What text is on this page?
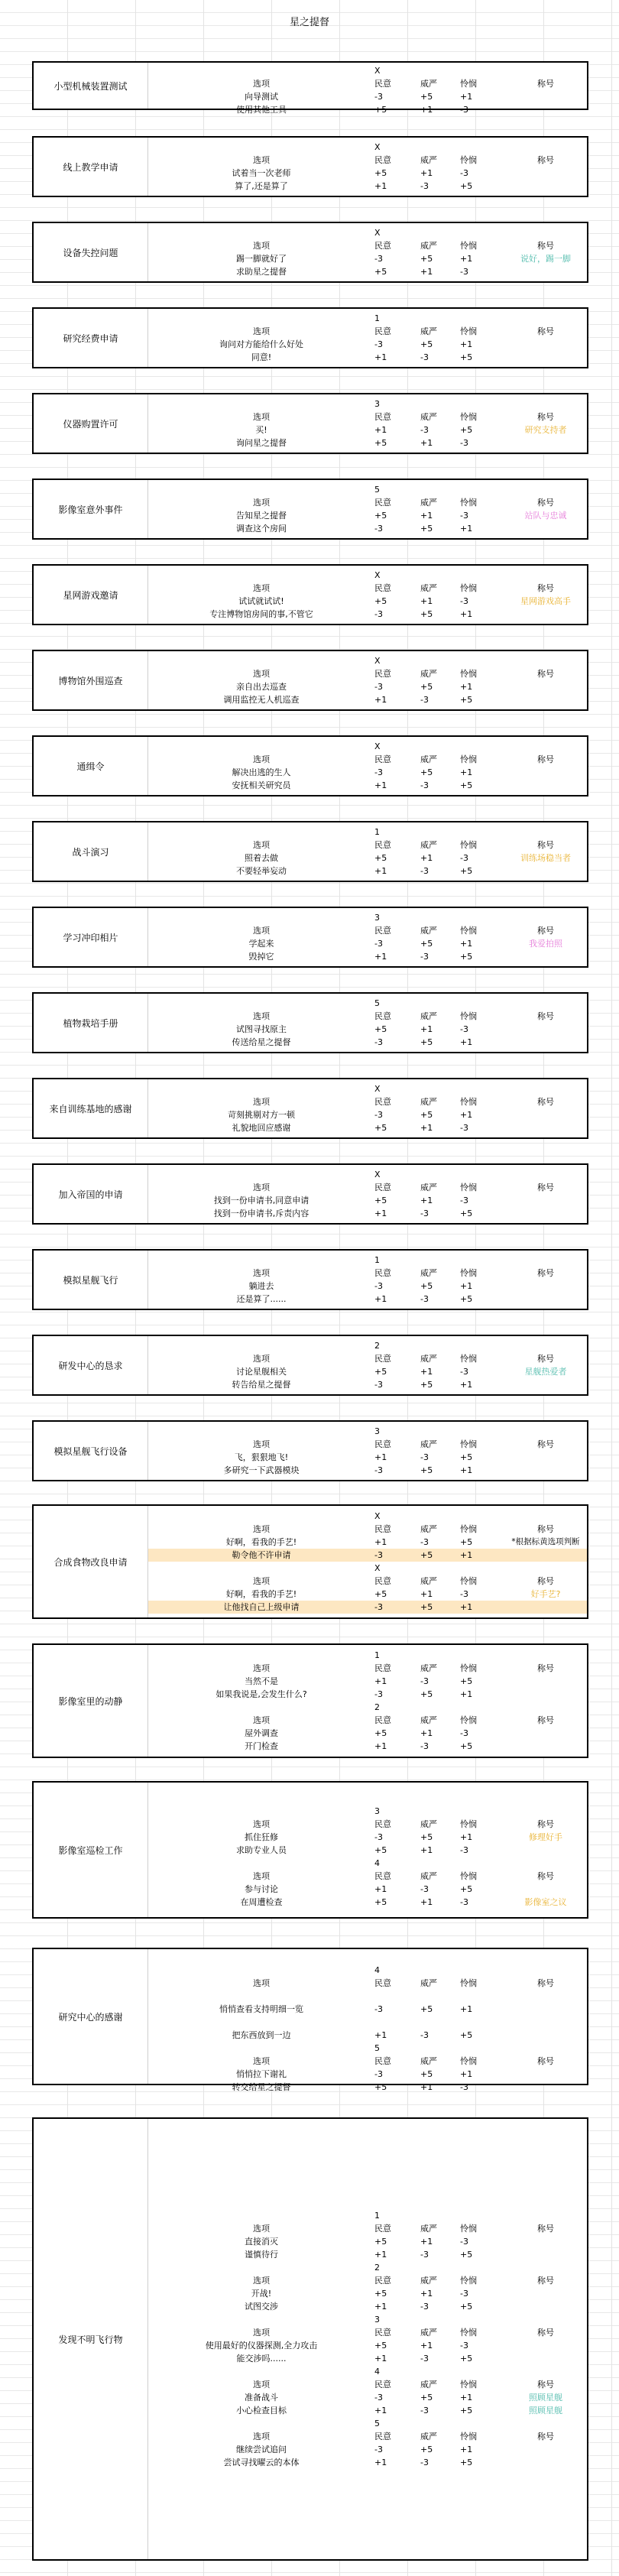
星之提督
小型机械装置测试
X
选项	民意	威严	怜悯	称号
向导测试	-3	+5	+1
使用其他工具	+5	+1	-3
线上教学申请
X
选项	民意	威严	怜悯	称号
试着当一次老师	+5	+1	-3
算了,还是算了	+1	-3	+5
设备失控问题
X
选项	民意	威严	怜悯	称号
踢一脚就好了	-3	+5	+1	说好，踢一脚
求助星之提督	+5	+1	-3
研究经费申请
1
选项	民意	威严	怜悯	称号
询问对方能给什么好处	-3	+5	+1
同意!	+1	-3	+5
仪器购置许可
3
选项	民意	威严	怜悯	称号
买!	+1	-3	+5	研究支持者
询问星之提督	+5	+1	-3
影像室意外事件
5
选项	民意	威严	怜悯	称号
告知星之提督	+5	+1	-3	站队与忠诚
调查这个房间	-3	+5	+1
星网游戏邀请
X
选项	民意	威严	怜悯	称号
试试就试试!	+5	+1	-3	星网游戏高手
专注博物馆房间的事,不管它	-3	+5	+1
博物馆外围巡查
X
选项	民意	威严	怜悯	称号
亲自出去巡查	-3	+5	+1
调用监控无人机巡查	+1	-3	+5
通缉令
X
选项	民意	威严	怜悯	称号
解决出逃的生人	-3	+5	+1
安抚相关研究员	+1	-3	+5
战斗演习
1
选项	民意	威严	怜悯	称号
照着去做	+5	+1	-3	训练场稳当者
不要轻举妄动	+1	-3	+5
学习冲印相片
3
选项	民意	威严	怜悯	称号
学起来	-3	+5	+1	我爱拍照
毁掉它	+1	-3	+5
植物栽培手册
5
选项	民意	威严	怜悯	称号
试图寻找原主	+5	+1	-3
传送给星之提督	-3	+5	+1
来自训练基地的感谢
X
选项	民意	威严	怜悯	称号
苛刻挑剔对方一顿	-3	+5	+1
礼貌地回应感谢	+5	+1	-3
加入帝国的申请
X
选项	民意	威严	怜悯	称号
找到一份申请书,同意申请	+5	+1	-3
找到一份申请书,斥责内容	+1	-3	+5
模拟星舰飞行
1
选项	民意	威严	怜悯	称号
躺进去	-3	+5	+1
还是算了......	+1	-3	+5
研发中心的恳求
2
选项	民意	威严	怜悯	称号
讨论星舰相关	+5	+1	-3	星舰热爱者
转告给星之提督	-3	+5	+1
模拟星舰飞行设备
3
选项	民意	威严	怜悯	称号
飞，狠狠地飞!	+1	-3	+5
多研究一下武器模块	-3	+5	+1
合成食物改良申请
X
选项	民意	威严	怜悯	称号
好啊，看我的手艺!	+1	-3	+5	*根据标黄选项判断
勒令他不许申请	-3	+5	+1
X
选项	民意	威严	怜悯	称号
好啊，看我的手艺!	+5	+1	-3	好手艺?
让他找自己上级申请	-3	+5	+1
影像室里的动静
1
选项	民意	威严	怜悯	称号
当然不是	+1	-3	+5
如果我说是,会发生什么?	-3	+5	+1
2
选项	民意	威严	怜悯	称号
屋外调查	+5	+1	-3
开门检查	+1	-3	+5
影像室巡检工作
3
选项	民意	威严	怜悯	称号
抓住狂修	-3	+5	+1	修理好手
求助专业人员	+5	+1	-3
4
选项	民意	威严	怜悯	称号
参与讨论	+1	-3	+5
在周遭检查	+5	+1	-3	影像室之议
研究中心的感谢
4
选项	民意	威严	怜悯	称号
悄悄查看支持明细一览	-3	+5	+1
把东西放到一边	+1	-3	+5
5
选项	民意	威严	怜悯	称号
悄悄拉下谢礼	-3	+5	+1
转交给星之提督	+5	+1	-3
发现不明飞行物
1
选项	民意	威严	怜悯	称号
直接消灭	+5	+1	-3
谨慎待行	+1	-3	+5
2
选项	民意	威严	怜悯	称号
开战!	+5	+1	-3
试图交涉	+1	-3	+5
3
选项	民意	威严	怜悯	称号
使用最好的仪器探测,全力攻击	+5	+1	-3
能交涉吗......	+1	-3	+5
4
选项	民意	威严	怜悯	称号
准备战斗	-3	+5	+1	照顾星舰
小心检查目标	+1	-3	+5	照顾星舰
5
选项	民意	威严	怜悯	称号
继续尝试追问	-3	+5	+1
尝试寻找曜云的本体	+1	-3	+5
